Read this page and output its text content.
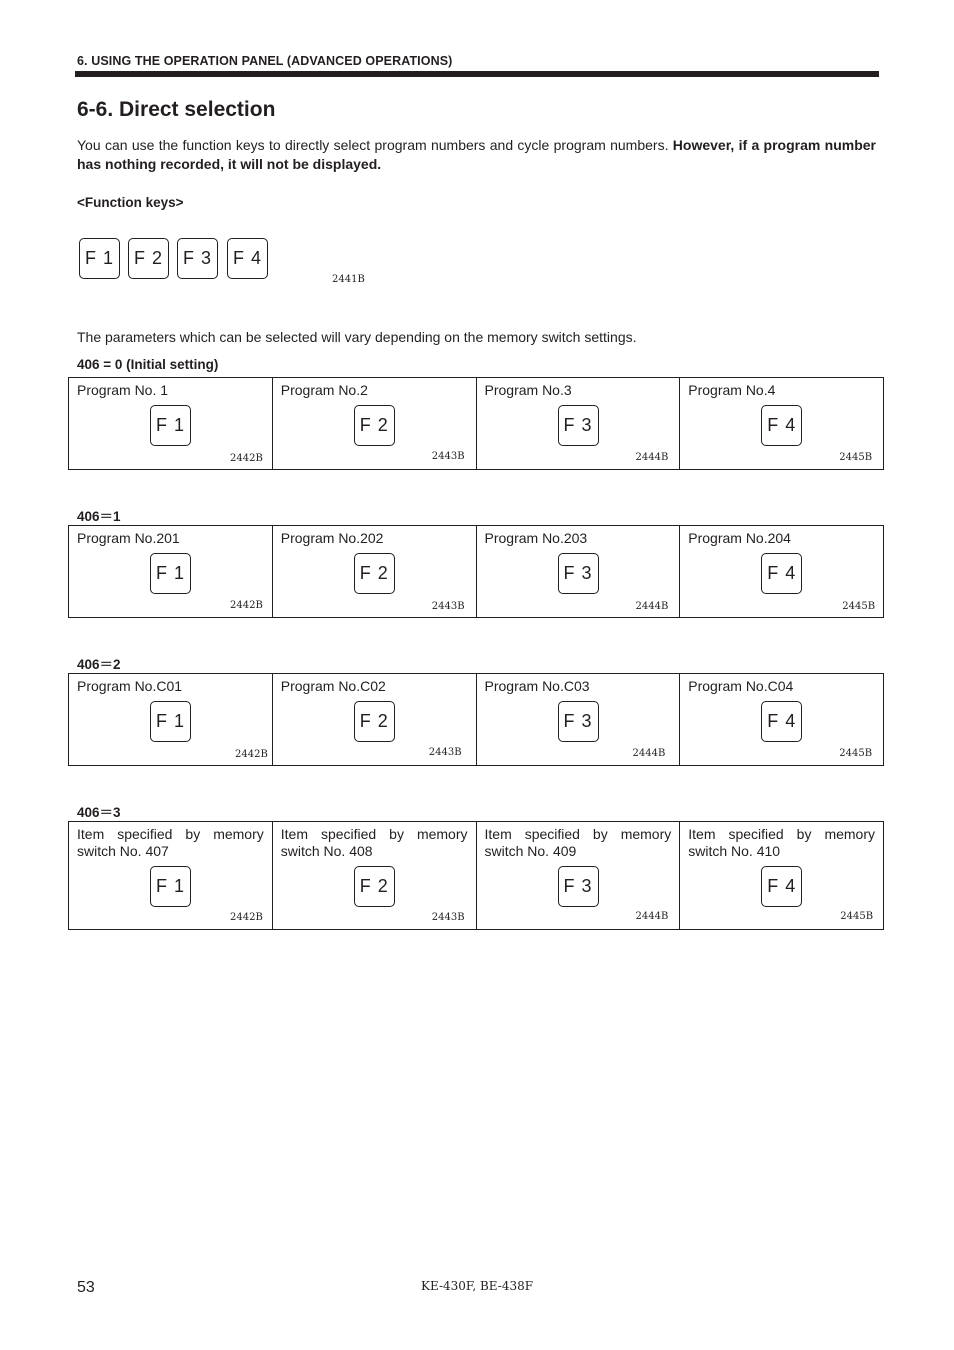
6. USING THE OPERATION PANEL (ADVANCED OPERATIONS)
6-6. Direct selection
You can use the function keys to directly select program numbers and cycle program numbers. However, if a program number has nothing recorded, it will not be displayed.
<Function keys>
F 1	F 2	F 3	F 4
2441B
The parameters which can be selected will vary depending on the memory switch settings.
406 = 0 (Initial setting)
Program No. 1
F 1
2442B

Program No.2
F 2
2443B

Program No.3
F 3
2444B

Program No.4
F 4
2445B
406＝1
Program No.201
F 1
2442B

Program No.202
F 2
2443B

Program No.203
F 3
2444B

Program No.204
F 4
2445B
406＝2
Program No.C01
F 1
2442B

Program No.C02
F 2
2443B

Program No.C03
F 3
2444B

Program No.C04
F 4
2445B
406＝3
Item specified by memory switch No. 407
F 1
2442B

Item specified by memory switch No. 408
F 2
2443B

Item specified by memory switch No. 409
F 3
2444B

Item specified by memory switch No. 410
F 4
2445B
53	KE-430F, BE-438F
